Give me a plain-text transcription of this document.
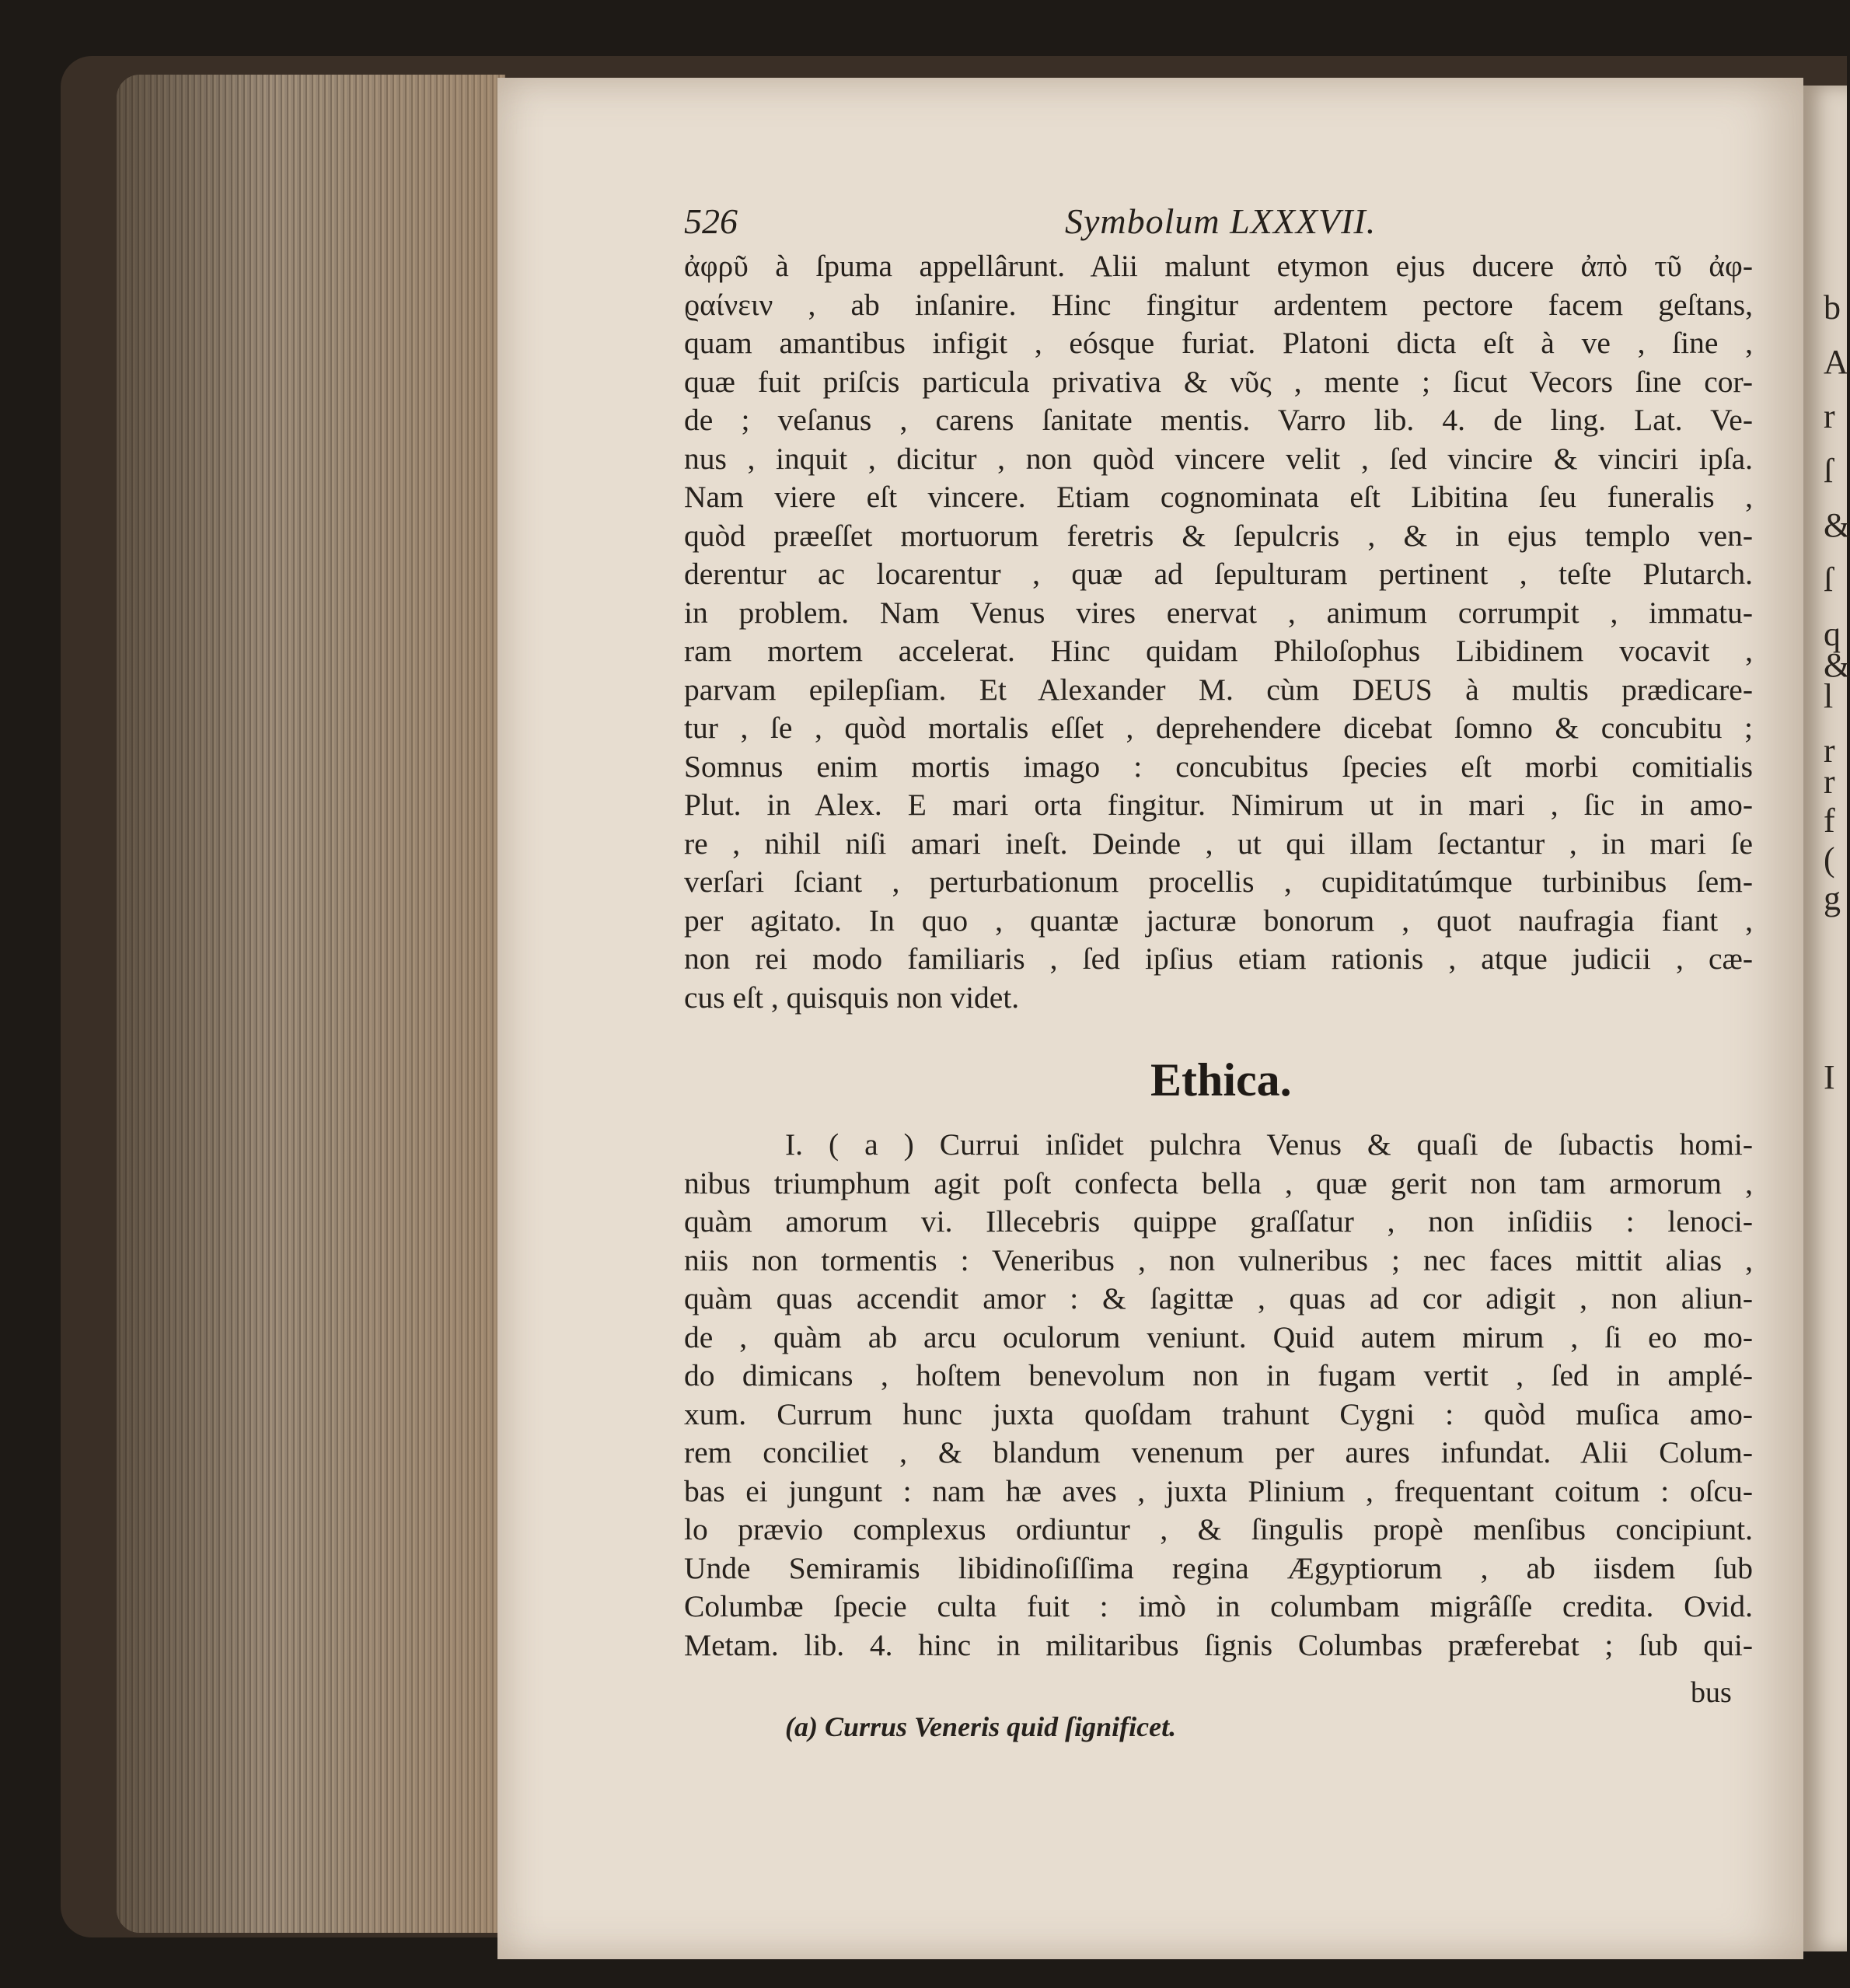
b
A
r
ſ
&
ſ
q
&
l
r
r
f
(
g
I
526	Symbolum LXXXVII.
ἀφρῦ à ſpuma appellârunt. Alii malunt etymon ejus ducere ἀπὸ τῦ ἀφ-
ϱαίνειν , ab inſanire. Hinc fingitur ardentem pectore facem geſtans,
quam amantibus infigit , eósque furiat. Platoni dicta eſt à ve , ſine ,
quæ fuit priſcis particula privativa & νῦς , mente ; ſicut Vecors ſine cor-
de ; veſanus , carens ſanitate mentis. Varro lib. 4. de ling. Lat. Ve-
nus , inquit , dicitur , non quòd vincere velit , ſed vincire & vinciri ipſa.
Nam viere eſt vincere. Etiam cognominata eſt Libitina ſeu funeralis ,
quòd præeſſet mortuorum feretris & ſepulcris , & in ejus templo ven-
derentur ac locarentur , quæ ad ſepulturam pertinent , teſte Plutarch.
in problem. Nam Venus vires enervat , animum corrumpit , immatu-
ram mortem accelerat. Hinc quidam Philoſophus Libidinem vocavit ,
parvam epilepſiam. Et Alexander M. cùm DEUS à multis prædicare-
tur , ſe , quòd mortalis eſſet , deprehendere dicebat ſomno & concubitu ;
Somnus enim mortis imago : concubitus ſpecies eſt morbi comitialis
Plut. in Alex. E mari orta fingitur. Nimirum ut in mari , ſic in amo-
re , nihil niſi amari ineſt. Deinde , ut qui illam ſectantur , in mari ſe
verſari ſciant , perturbationum procellis , cupiditatúmque turbinibus ſem-
per agitato. In quo , quantæ jacturæ bonorum , quot naufragia fiant ,
non rei modo familiaris , ſed ipſius etiam rationis , atque judicii , cæ-
cus eſt , quisquis non videt.
Ethica.
I. ( a ) Currui inſidet pulchra Venus & quaſi de ſubactis homi-
nibus triumphum agit poſt confecta bella , quæ gerit non tam armorum ,
quàm amorum vi. Illecebris quippe graſſatur , non inſidiis : lenoci-
niis non tormentis : Veneribus , non vulneribus ; nec faces mittit alias ,
quàm quas accendit amor : & ſagittæ , quas ad cor adigit , non aliun-
de , quàm ab arcu oculorum veniunt. Quid autem mirum , ſi eo mo-
do dimicans , hoſtem benevolum non in fugam vertit , ſed in amplé-
xum. Currum hunc juxta quoſdam trahunt Cygni : quòd muſica amo-
rem conciliet , & blandum venenum per aures infundat. Alii Colum-
bas ei jungunt : nam hæ aves , juxta Plinium , frequentant coitum : oſcu-
lo prævio complexus ordiuntur , & ſingulis propè menſibus concipiunt.
Unde Semiramis libidinoſiſſima regina Ægyptiorum , ab iisdem ſub
Columbæ ſpecie culta fuit : imò in columbam migrâſſe credita. Ovid.
Metam. lib. 4. hinc in militaribus ſignis Columbas præferebat ; ſub qui-
bus
(a) Currus Veneris quid ſignificet.
